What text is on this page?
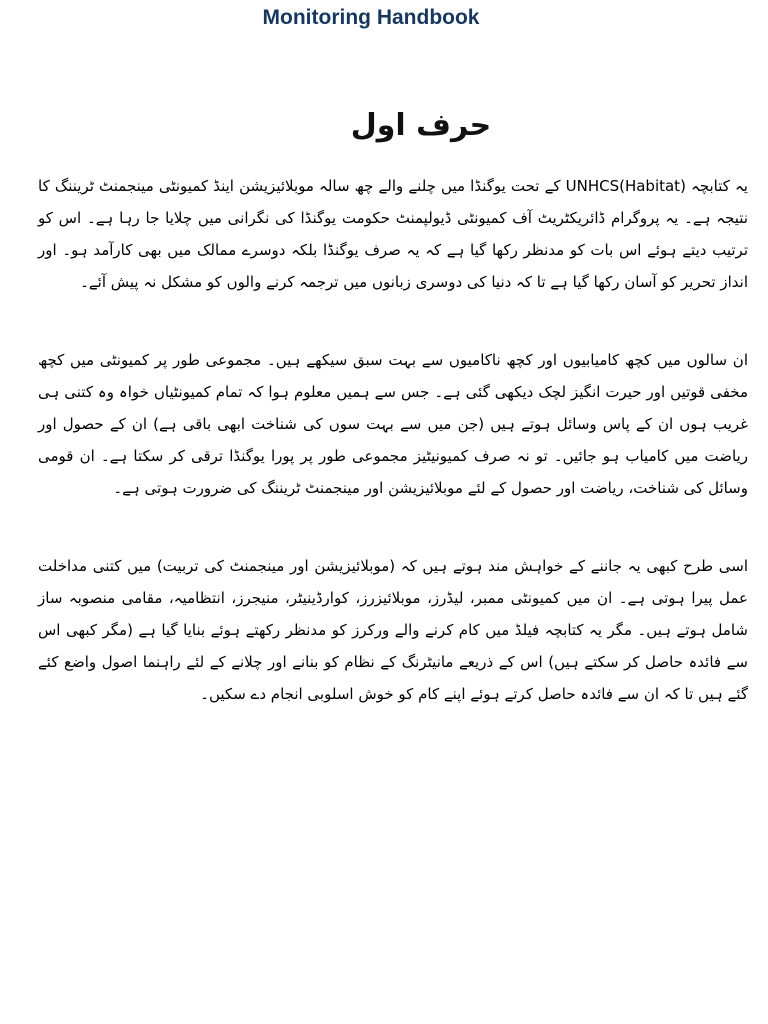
Monitoring Handbook
حرف اول

یہ کتابچہ UNHCS(Habitat) کے تحت یوگنڈا میں چلنے والے چھ سالہ موبلائیزیشن اینڈ کمیونٹی مینجمنٹ ٹریننگ کا نتیجہ ہے۔ یہ پروگرام ڈائریکٹریٹ آف کمیونٹی ڈیولپمنٹ حکومت یوگنڈا کی نگرانی میں چلایا جا رہا ہے۔ اس کو ترتیب دیتے ہوئے اس بات کو مدنظر رکھا گیا ہے کہ یہ صرف یوگنڈا بلکہ دوسرے ممالک میں بھی کارآمد ہو۔ اور انداز تحریر کو آسان رکھا گیا ہے تا کہ دنیا کی دوسری زبانوں میں ترجمہ کرنے والوں کو مشکل نہ پیش آئے۔

ان سالوں میں کچھ کامیابیوں اور کچھ ناکامیوں سے بہت سبق سیکھے ہیں۔ مجموعی طور پر کمیونٹی میں کچھ مخفی قوتیں اور حیرت انگیز لچک دیکھی گئی ہے۔ جس سے ہمیں معلوم ہوا کہ تمام کمیونٹیاں خواہ وہ کتنی ہی غریب ہوں ان کے پاس وسائل ہوتے ہیں (جن میں سے بہت سوں کی شناخت ابھی باقی ہے) ان کے حصول اور ریاضت میں کامیاب ہو جائیں۔ تو نہ صرف کمیونیٹیز مجموعی طور پر پورا یوگنڈا ترقی کر سکتا ہے۔ ان قومی وسائل کی شناخت، ریاضت اور حصول کے لئے موبلائیزیشن اور مینجمنٹ ٹریننگ کی ضرورت ہوتی ہے۔

اسی طرح کبھی یہ جاننے کے خواہش مند ہوتے ہیں کہ (موبلائیزیشن اور مینجمنٹ کی تربیت) میں کتنی مداخلت عمل پیرا ہوتی ہے۔ ان میں کمیونٹی ممبر، لیڈرز، موبلائیزرز، کوارڈینیٹر، منیجرز، انتظامیہ، مقامی منصوبہ ساز شامل ہوتے ہیں۔ مگر یہ کتابچہ فیلڈ میں کام کرنے والے ورکرز کو مدنظر رکھتے ہوئے بنایا گیا ہے (مگر کبھی اس سے فائدہ حاصل کر سکتے ہیں) اس کے ذریعے مانیٹرنگ کے نظام کو بنانے اور چلانے کے لئے راہنما اصول واضع کئے گئے ہیں تا کہ ان سے فائدہ حاصل کرتے ہوئے اپنے کام کو خوش اسلوبی انجام دے سکیں۔
